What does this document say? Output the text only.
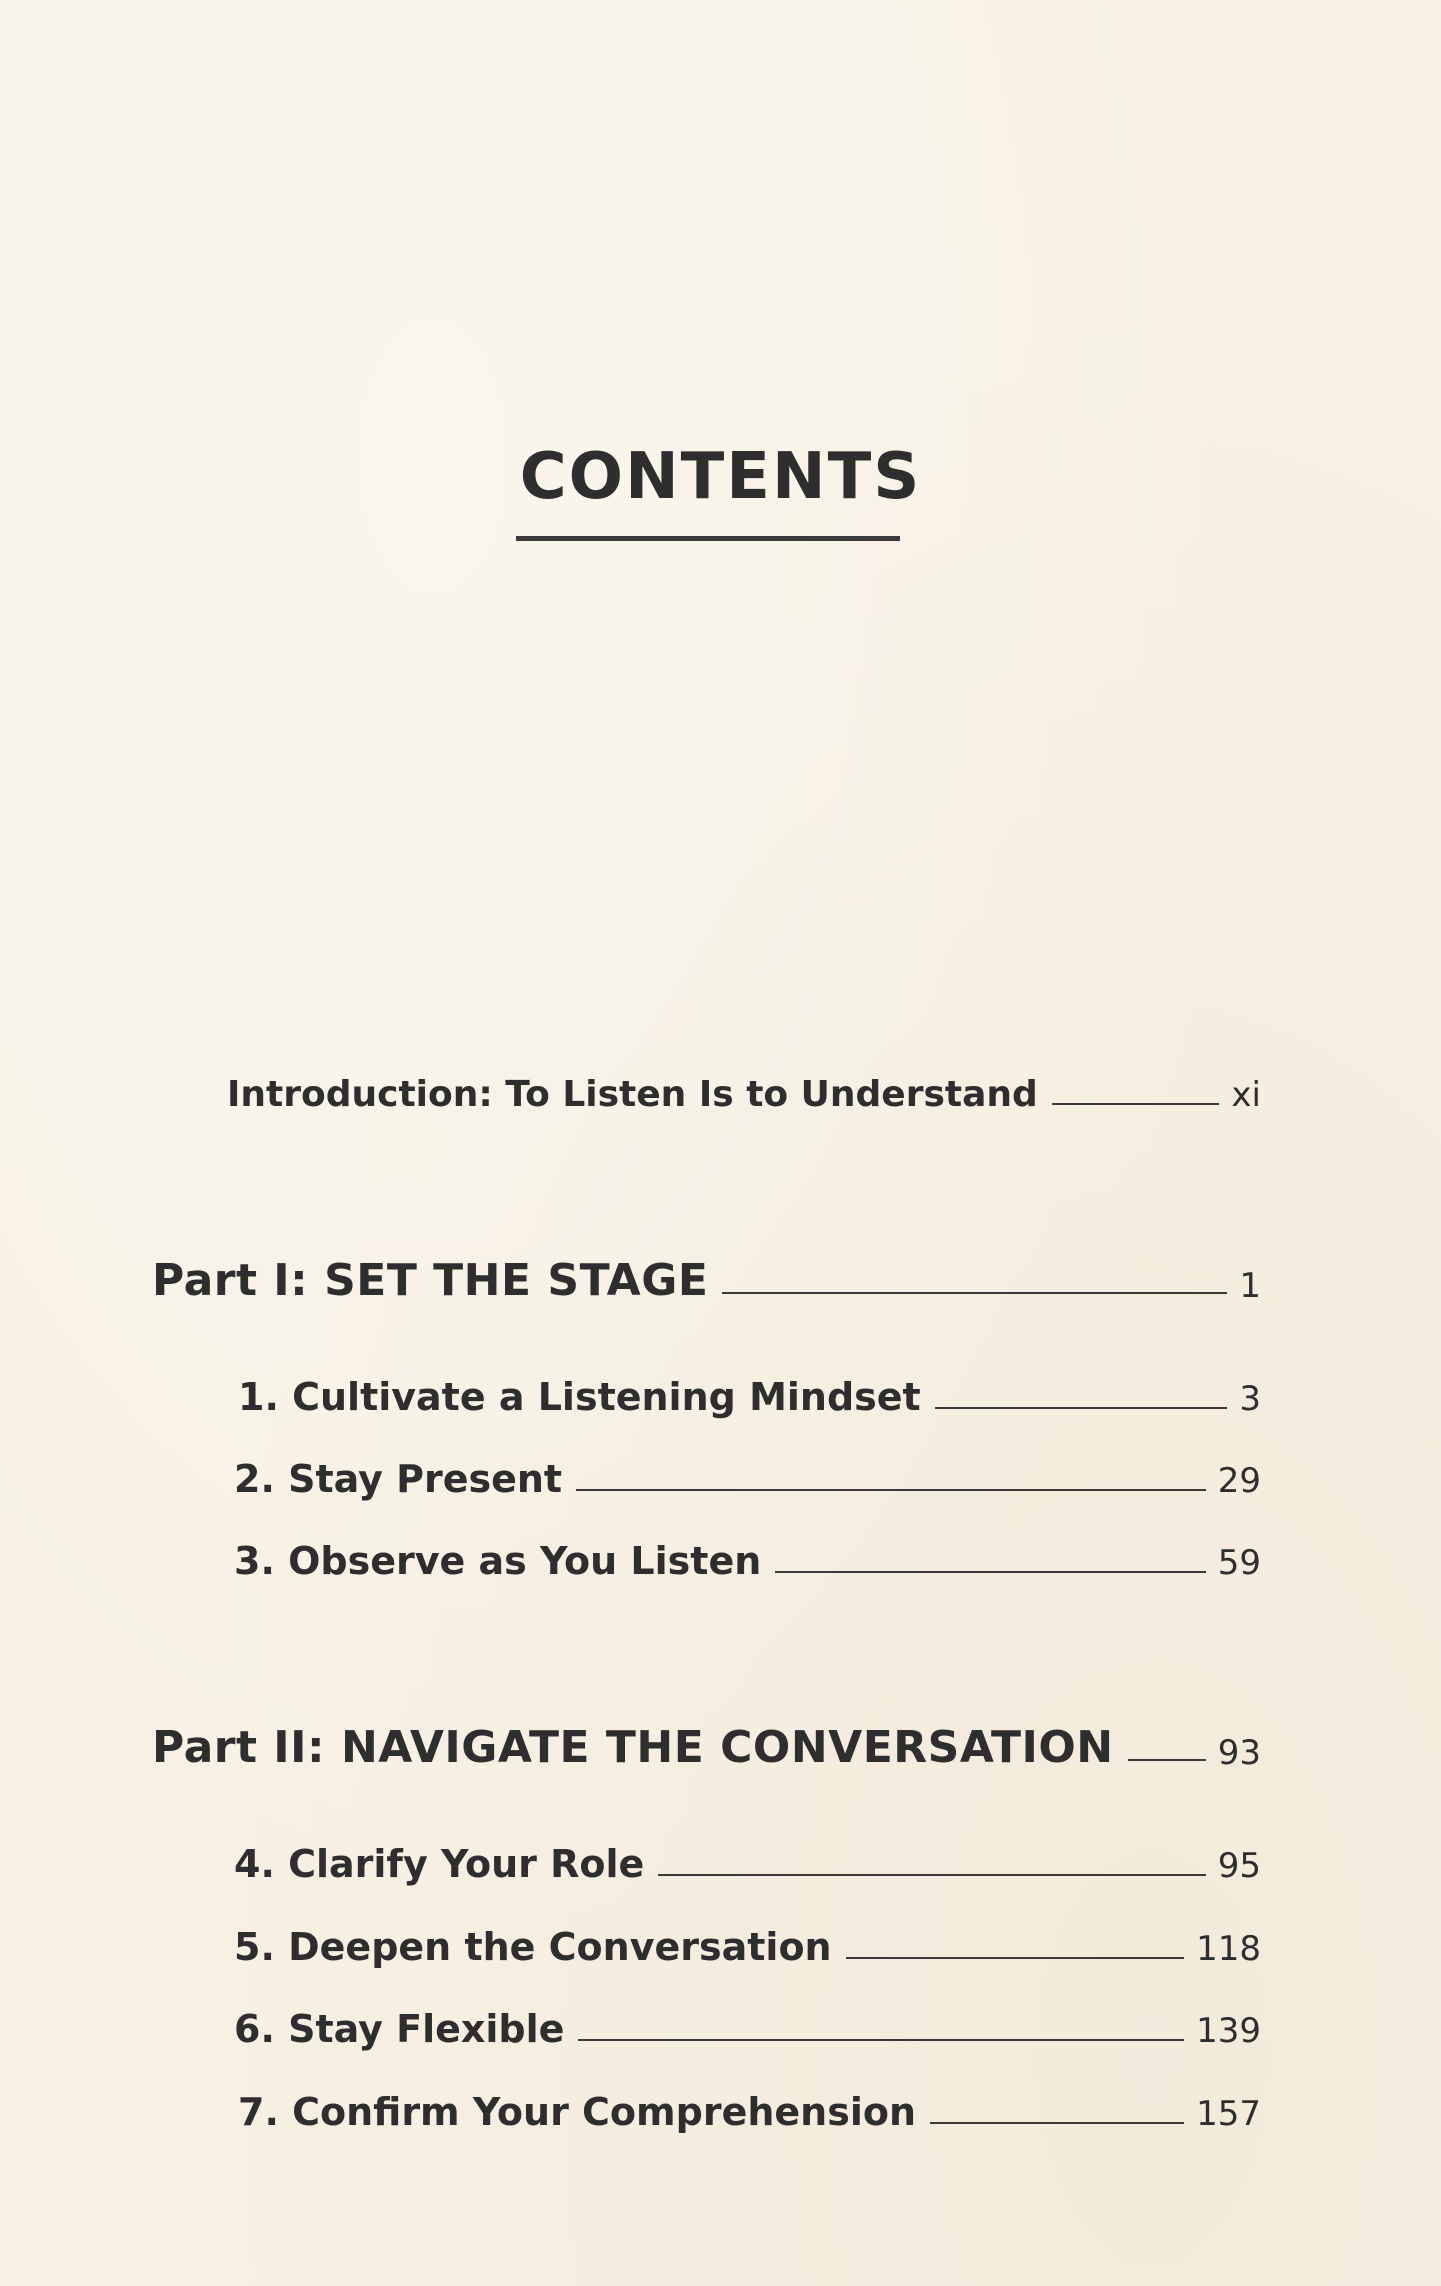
CONTENTS
Introduction: To Listen Is to Understand	xi
Part I: SET THE STAGE	1
1. Cultivate a Listening Mindset	3
2. Stay Present	29
3. Observe as You Listen	59
Part II: NAVIGATE THE CONVERSATION	93
4. Clarify Your Role	95
5. Deepen the Conversation	118
6. Stay Flexible	139
7. Confirm Your Comprehension	157
